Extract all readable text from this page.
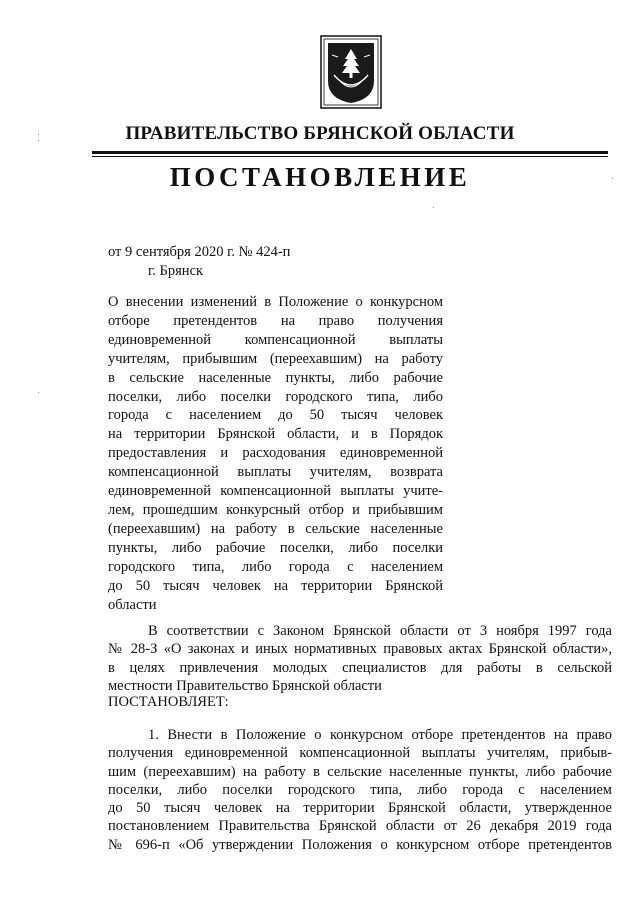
ПРАВИТЕЛЬСТВО БРЯНСКОЙ ОБЛАСТИ
ПОСТАНОВЛЕНИЕ
от 9 сентября 2020 г. № 424-п
г. Брянск
О внесении изменений в Положение о конкурсном
отборе претендентов на право получения
единовременной компенсационной выплаты
учителям, прибывшим (переехавшим) на работу
в сельские населенные пункты, либо рабочие
поселки, либо поселки городского типа, либо
города с населением до 50 тысяч человек
на территории Брянской области, и в Порядок
предоставления и расходования единовременной
компенсационной выплаты учителям, возврата
единовременной компенсационной выплаты учите-
лем, прошедшим конкурсный отбор и прибывшим
(переехавшим) на работу в сельские населенные
пункты, либо рабочие поселки, либо поселки
городского типа, либо города с населением
до 50 тысяч человек на территории Брянской
области
В соответствии с Законом Брянской области от 3 ноября 1997 года
№ 28-З «О законах и иных нормативных правовых актах Брянской области»,
в целях привлечения молодых специалистов для работы в сельской
местности Правительство Брянской области
ПОСТАНОВЛЯЕТ:
1. Внести в Положение о конкурсном отборе претендентов на право
получения единовременной компенсационной выплаты учителям, прибыв-
шим (переехавшим) на работу в сельские населенные пункты, либо рабочие
поселки, либо поселки городского типа, либо города с населением
до 50 тысяч человек на территории Брянской области, утвержденное
постановлением Правительства Брянской области от 26 декабря 2019 года
№ 696-п «Об утверждении Положения о конкурсном отборе претендентов
